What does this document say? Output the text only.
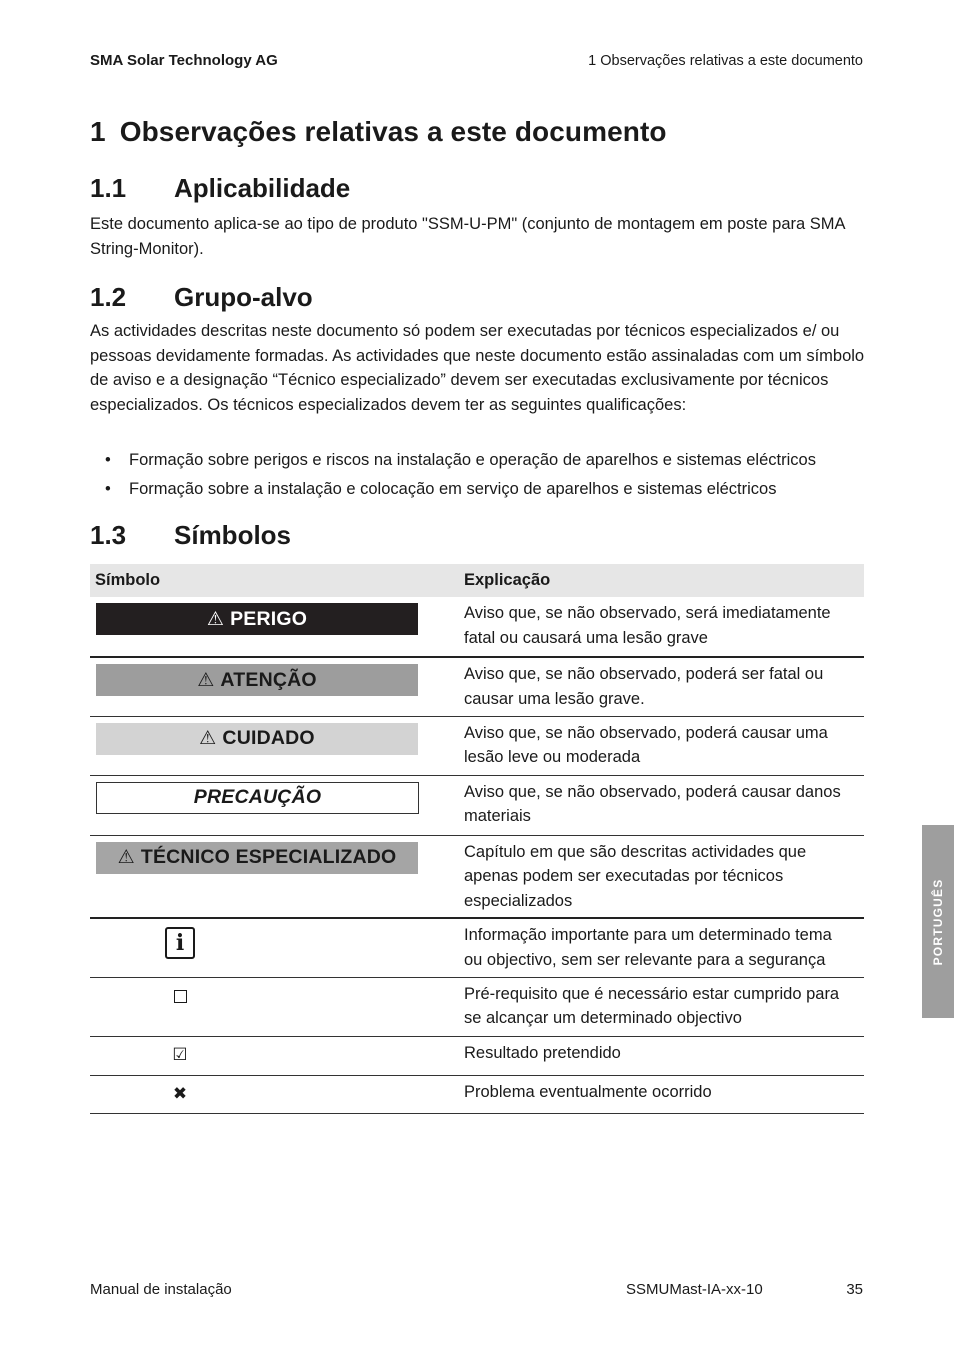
SMA Solar Technology AG	1 Observações relativas a este documento
1 Observações relativas a este documento
1.1 Aplicabilidade

Este documento aplica-se ao tipo de produto "SSM-U-PM" (conjunto de montagem em poste para SMA String-Monitor).

1.2 Grupo-alvo

As actividades descritas neste documento só podem ser executadas por técnicos especializados e/ ou pessoas devidamente formadas. As actividades que neste documento estão assinaladas com um símbolo de aviso e a designação “Técnico especializado” devem ser executadas exclusivamente por técnicos especializados. Os técnicos especializados devem ter as seguintes qualificações:

• Formação sobre perigos e riscos na instalação e operação de aparelhos e sistemas eléctricos
• Formação sobre a instalação e colocação em serviço de aparelhos e sistemas eléctricos
1.3 Símbolos
Símbolo	Explicação

⚠ PERIGO	Aviso que, se não observado, será imediatamente fatal ou causará uma lesão grave

⚠ ATENÇÃO	Aviso que, se não observado, poderá ser fatal ou causar uma lesão grave.

⚠ CUIDADO	Aviso que, se não observado, poderá causar uma lesão leve ou moderada

PRECAUÇÃO	Aviso que, se não observado, poderá causar danos materiais

⚠ TÉCNICO ESPECIALIZADO	Capítulo em que são descritas actividades que apenas podem ser executadas por técnicos especializados

i	Informação importante para um determinado tema ou objectivo, sem ser relevante para a segurança

	Pré-requisito que é necessário estar cumprido para se alcançar um determinado objectivo

☑	Resultado pretendido

✖	Problema eventualmente ocorrido
PORTUGUÊS
Manual de instalação	SSMUMast-IA-xx-10	35
